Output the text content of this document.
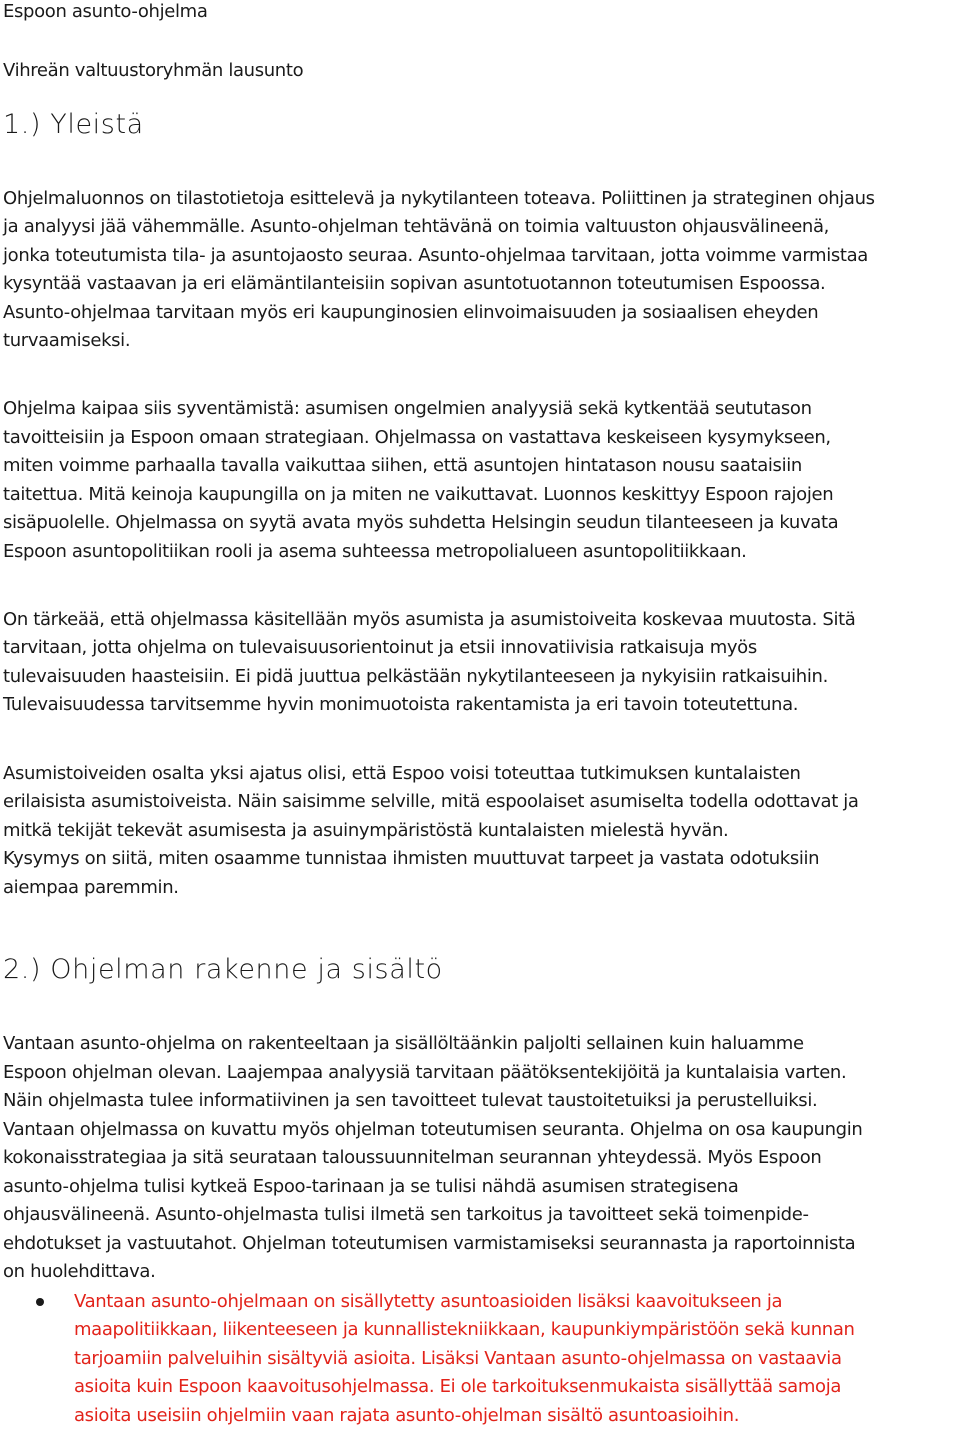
Espoon asunto-ohjelma
Vihreän valtuustoryhmän lausunto
1.) Yleistä
Ohjelmaluonnos on tilastotietoja esittelevä ja nykytilanteen toteava. Poliittinen ja strateginen ohjaus
ja analyysi jää vähemmälle. Asunto-ohjelman tehtävänä on toimia valtuuston ohjausvälineenä,
jonka toteutumista tila- ja asuntojaosto seuraa. Asunto-ohjelmaa tarvitaan, jotta voimme varmistaa
kysyntää vastaavan ja eri elämäntilanteisiin sopivan asuntotuotannon toteutumisen Espoossa.
Asunto-ohjelmaa tarvitaan myös eri kaupunginosien elinvoimaisuuden ja sosiaalisen eheyden
turvaamiseksi.
Ohjelma kaipaa siis syventämistä: asumisen ongelmien analyysiä sekä kytkentää seututason
tavoitteisiin ja Espoon omaan strategiaan. Ohjelmassa on vastattava keskeiseen kysymykseen,
miten voimme parhaalla tavalla vaikuttaa siihen, että asuntojen hintatason nousu saataisiin
taitettua. Mitä keinoja kaupungilla on ja miten ne vaikuttavat. Luonnos keskittyy Espoon rajojen
sisäpuolelle. Ohjelmassa on syytä avata myös suhdetta Helsingin seudun tilanteeseen ja kuvata
Espoon asuntopolitiikan rooli ja asema suhteessa metropolialueen asuntopolitiikkaan.
On tärkeää, että ohjelmassa käsitellään myös asumista ja asumistoiveita koskevaa muutosta. Sitä
tarvitaan, jotta ohjelma on tulevaisuusorientoinut ja etsii innovatiivisia ratkaisuja myös
tulevaisuuden haasteisiin. Ei pidä juuttua pelkästään nykytilanteeseen ja nykyisiin ratkaisuihin.
Tulevaisuudessa tarvitsemme hyvin monimuotoista rakentamista ja eri tavoin toteutettuna.
Asumistoiveiden osalta yksi ajatus olisi, että Espoo voisi toteuttaa tutkimuksen kuntalaisten
erilaisista asumistoiveista. Näin saisimme selville, mitä espoolaiset asumiselta todella odottavat ja
mitkä tekijät tekevät asumisesta ja asuinympäristöstä kuntalaisten mielestä hyvän.
Kysymys on siitä, miten osaamme tunnistaa ihmisten muuttuvat tarpeet ja vastata odotuksiin
aiempaa paremmin.
2.) Ohjelman rakenne ja sisältö
Vantaan asunto-ohjelma on rakenteeltaan ja sisällöltäänkin paljolti sellainen kuin haluamme
Espoon ohjelman olevan. Laajempaa analyysiä tarvitaan päätöksentekijöitä ja kuntalaisia varten.
Näin ohjelmasta tulee informatiivinen ja sen tavoitteet tulevat taustoitetuiksi ja perustelluiksi.
Vantaan ohjelmassa on kuvattu myös ohjelman toteutumisen seuranta. Ohjelma on osa kaupungin
kokonaisstrategiaa ja sitä seurataan taloussuunnitelman seurannan yhteydessä. Myös Espoon
asunto-ohjelma tulisi kytkeä Espoo-tarinaan ja se tulisi nähdä asumisen strategisena
ohjausvälineenä. Asunto-ohjelmasta tulisi ilmetä sen tarkoitus ja tavoitteet sekä toimenpide-
ehdotukset ja vastuutahot. Ohjelman toteutumisen varmistamiseksi seurannasta ja raportoinnista
on huolehdittava.
Vantaan asunto-ohjelmaan on sisällytetty asuntoasioiden lisäksi kaavoitukseen ja
maapolitiikkaan, liikenteeseen ja kunnallistekniikkaan, kaupunkiympäristöön sekä kunnan
tarjoamiin palveluihin sisältyviä asioita. Lisäksi Vantaan asunto-ohjelmassa on vastaavia
asioita kuin Espoon kaavoitusohjelmassa. Ei ole tarkoituksenmukaista sisällyttää samoja
asioita useisiin ohjelmiin vaan rajata asunto-ohjelman sisältö asuntoasioihin.
